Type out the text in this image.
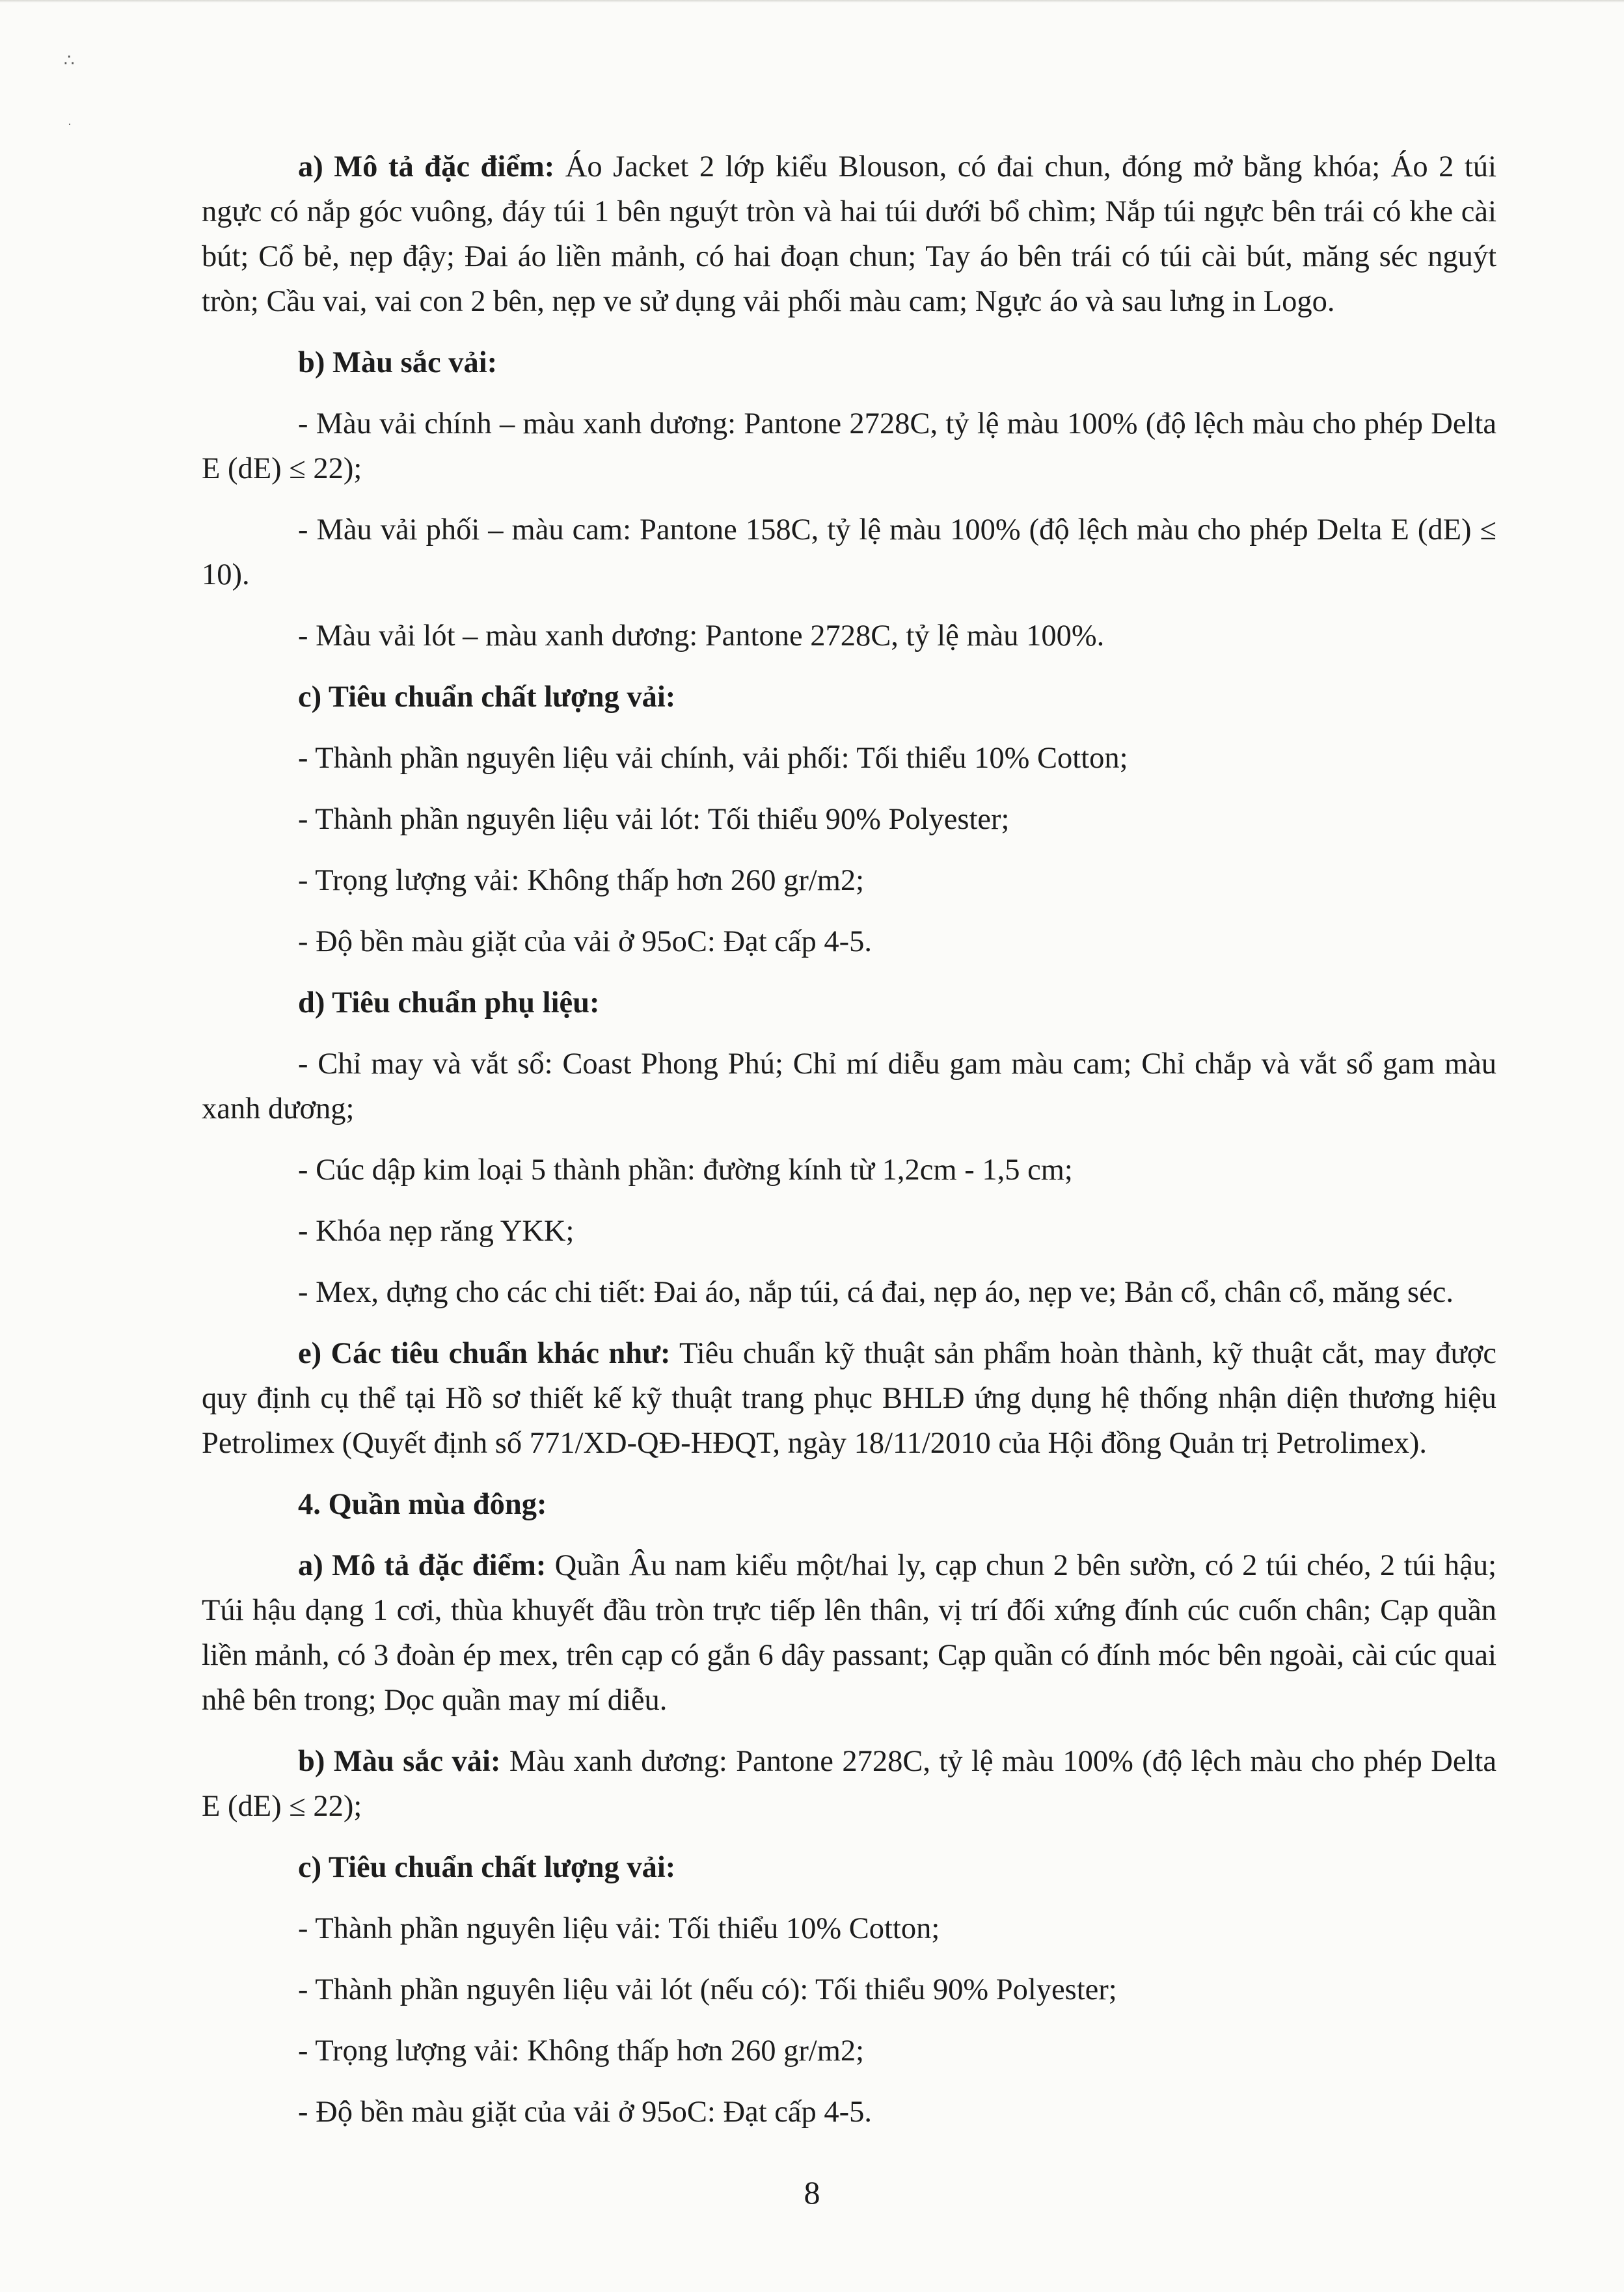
∴
·

a) Mô tả đặc điểm: Áo Jacket 2 lớp kiểu Blouson, có đai chun, đóng mở bằng khóa; Áo 2 túi ngực có nắp góc vuông, đáy túi 1 bên nguýt tròn và hai túi dưới bổ chìm; Nắp túi ngực bên trái có khe cài bút; Cổ bẻ, nẹp đậy; Đai áo liền mảnh, có hai đoạn chun; Tay áo bên trái có túi cài bút, măng séc nguýt tròn; Cầu vai, vai con 2 bên, nẹp ve sử dụng vải phối màu cam; Ngực áo và sau lưng in Logo.

b) Màu sắc vải:

- Màu vải chính – màu xanh dương: Pantone 2728C, tỷ lệ màu 100% (độ lệch màu cho phép Delta E (dE) ≤ 22);

- Màu vải phối – màu cam: Pantone 158C, tỷ lệ màu 100% (độ lệch màu cho phép Delta E (dE) ≤ 10).

- Màu vải lót – màu xanh dương: Pantone 2728C, tỷ lệ màu 100%.

c) Tiêu chuẩn chất lượng vải:

- Thành phần nguyên liệu vải chính, vải phối: Tối thiểu 10% Cotton;

- Thành phần nguyên liệu vải lót: Tối thiểu 90% Polyester;

- Trọng lượng vải: Không thấp hơn 260 gr/m2;

- Độ bền màu giặt của vải ở 95oC: Đạt cấp 4-5.

d) Tiêu chuẩn phụ liệu:

- Chỉ may và vắt sổ: Coast Phong Phú; Chỉ mí diễu gam màu cam; Chỉ chắp và vắt sổ gam màu xanh dương;

- Cúc dập kim loại 5 thành phần: đường kính từ 1,2cm - 1,5 cm;

- Khóa nẹp răng YKK;

- Mex, dựng cho các chi tiết: Đai áo, nắp túi, cá đai, nẹp áo, nẹp ve; Bản cổ, chân cổ, măng séc.

e) Các tiêu chuẩn khác như: Tiêu chuẩn kỹ thuật sản phẩm hoàn thành, kỹ thuật cắt, may được quy định cụ thể tại Hồ sơ thiết kế kỹ thuật trang phục BHLĐ ứng dụng hệ thống nhận diện thương hiệu Petrolimex (Quyết định số 771/XD-QĐ-HĐQT, ngày 18/11/2010 của Hội đồng Quản trị Petrolimex).

4. Quần mùa đông:

a) Mô tả đặc điểm: Quần Âu nam kiểu một/hai ly, cạp chun 2 bên sườn, có 2 túi chéo, 2 túi hậu; Túi hậu dạng 1 cơi, thùa khuyết đầu tròn trực tiếp lên thân, vị trí đối xứng đính cúc cuốn chân; Cạp quần liền mảnh, có 3 đoàn ép mex, trên cạp có gắn 6 dây passant; Cạp quần có đính móc bên ngoài, cài cúc quai nhê bên trong; Dọc quần may mí diễu.

b) Màu sắc vải: Màu xanh dương: Pantone 2728C, tỷ lệ màu 100% (độ lệch màu cho phép Delta E (dE) ≤ 22);

c) Tiêu chuẩn chất lượng vải:

- Thành phần nguyên liệu vải: Tối thiểu 10% Cotton;

- Thành phần nguyên liệu vải lót (nếu có): Tối thiểu 90% Polyester;

- Trọng lượng vải: Không thấp hơn 260 gr/m2;

- Độ bền màu giặt của vải ở 95oC: Đạt cấp 4-5.

8
